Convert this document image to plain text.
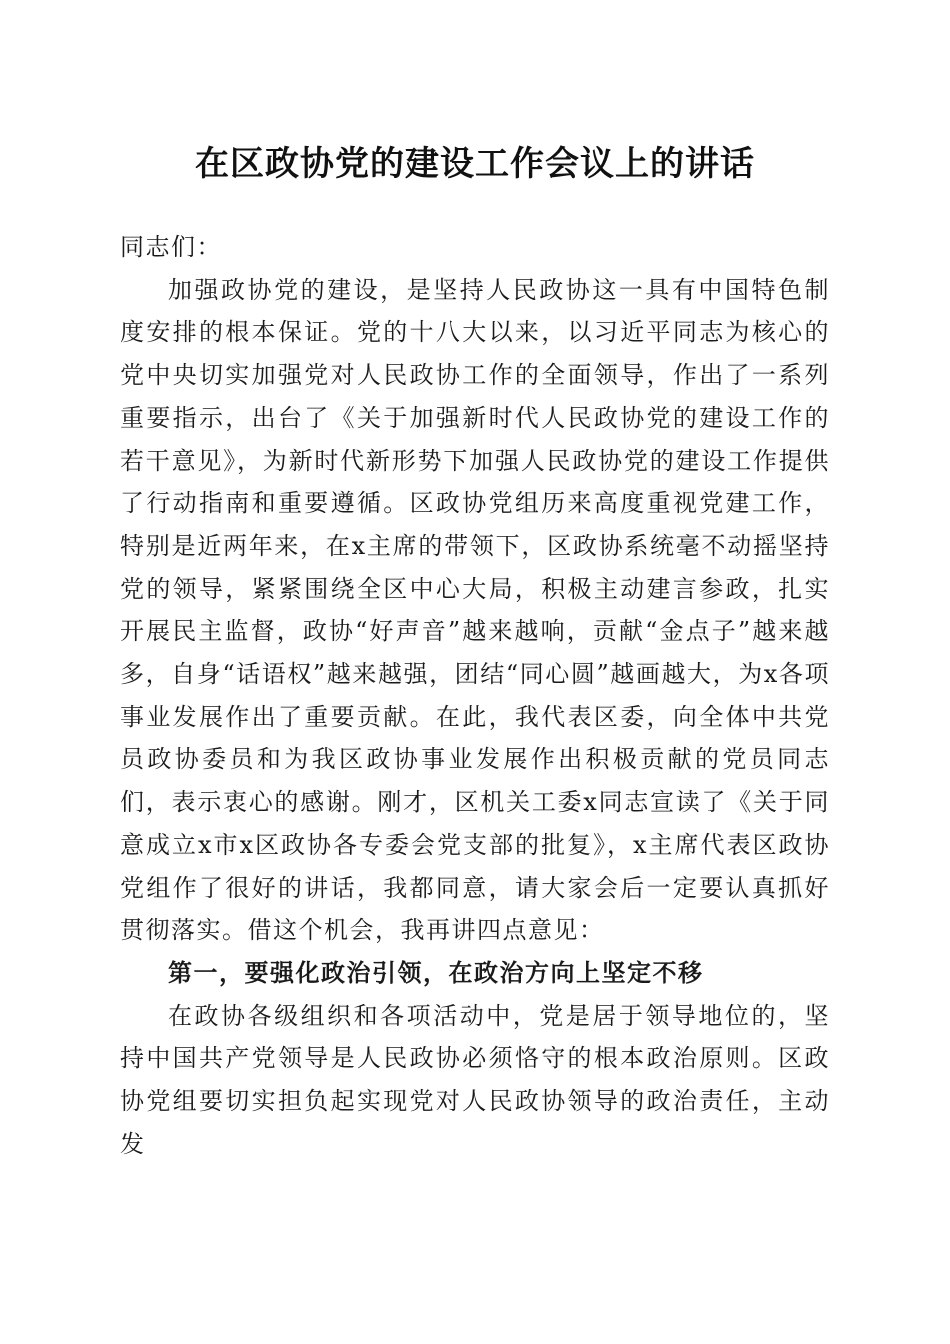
在区政协党的建设工作会议上的讲话

同志们：

加强政协党的建设，是坚持人民政协这一具有中国特色制度安排的根本保证。党的十八大以来，以习近平同志为核心的党中央切实加强党对人民政协工作的全面领导，作出了一系列重要指示，出台了《关于加强新时代人民政协党的建设工作的若干意见》，为新时代新形势下加强人民政协党的建设工作提供了行动指南和重要遵循。区政协党组历来高度重视党建工作，特别是近两年来，在x主席的带领下，区政协系统毫不动摇坚持党的领导，紧紧围绕全区中心大局，积极主动建言参政，扎实开展民主监督，政协“好声音”越来越响，贡献“金点子”越来越多，自身“话语权”越来越强，团结“同心圆”越画越大，为x各项事业发展作出了重要贡献。在此，我代表区委，向全体中共党员政协委员和为我区政协事业发展作出积极贡献的党员同志们，表示衷心的感谢。刚才，区机关工委x同志宣读了《关于同意成立x市x区政协各专委会党支部的批复》，x主席代表区政协党组作了很好的讲话，我都同意，请大家会后一定要认真抓好贯彻落实。借这个机会，我再讲四点意见：

第一，要强化政治引领，在政治方向上坚定不移

在政协各级组织和各项活动中，党是居于领导地位的，坚持中国共产党领导是人民政协必须恪守的根本政治原则。区政协党组要切实担负起实现党对人民政协领导的政治责任，主动发
